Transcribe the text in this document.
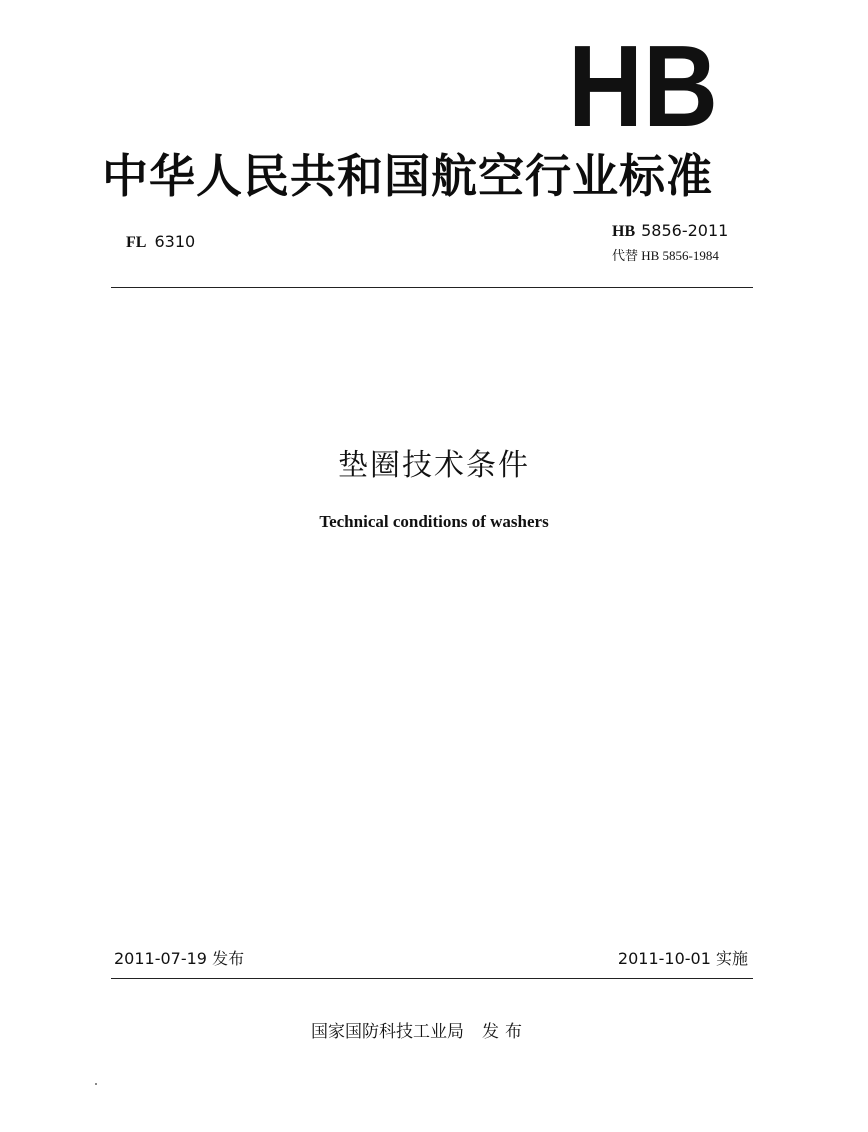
HB
中华人民共和国航空行业标准
FL 6310
HB 5856-2011
代替 HB 5856-1984
垫圈技术条件
Technical conditions of washers
2011-07-19 发布	2011-10-01 实施
国家国防科技工业局 发布
